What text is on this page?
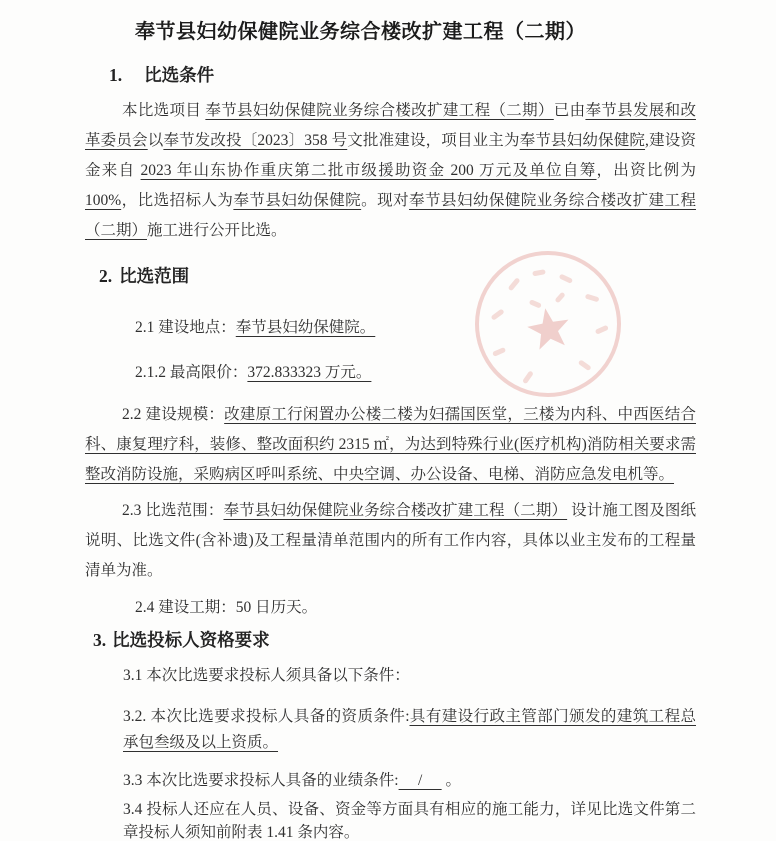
奉节县妇幼保健院业务综合楼改扩建工程（二期）
1. 比选条件
本比选项目 奉节县妇幼保健院业务综合楼改扩建工程（二期）已由奉节县发展和改革委员会以奉节发改投〔2023〕358 号文批准建设，项目业主为奉节县妇幼保健院,建设资金来自 2023 年山东协作重庆第二批市级援助资金 200 万元及单位自筹，出资比例为 100%，比选招标人为奉节县妇幼保健院。现对奉节县妇幼保健院业务综合楼改扩建工程（二期）施工进行公开比选。
2. 比选范围
2.1 建设地点：奉节县妇幼保健院。
2.1.2 最高限价：372.833323 万元。
2.2 建设规模：改建原工行闲置办公楼二楼为妇孺国医堂，三楼为内科、中西医结合科、康复理疗科，装修、整改面积约 2315 ㎡，为达到特殊行业(医疗机构)消防相关要求需整改消防设施，采购病区呼叫系统、中央空调、办公设备、电梯、消防应急发电机等。
2.3 比选范围：奉节县妇幼保健院业务综合楼改扩建工程（二期） 设计施工图及图纸说明、比选文件(含补遗)及工程量清单范围内的所有工作内容，具体以业主发布的工程量清单为准。
2.4 建设工期：50 日历天。
3. 比选投标人资格要求
3.1 本次比选要求投标人须具备以下条件：
3.2. 本次比选要求投标人具备的资质条件:具有建设行政主管部门颁发的建筑工程总承包叁级及以上资质。
3.3 本次比选要求投标人具备的业绩条件:　 / 　 。
3.4 投标人还应在人员、设备、资金等方面具有相应的施工能力，详见比选文件第二章投标人须知前附表 1.41 条内容。
